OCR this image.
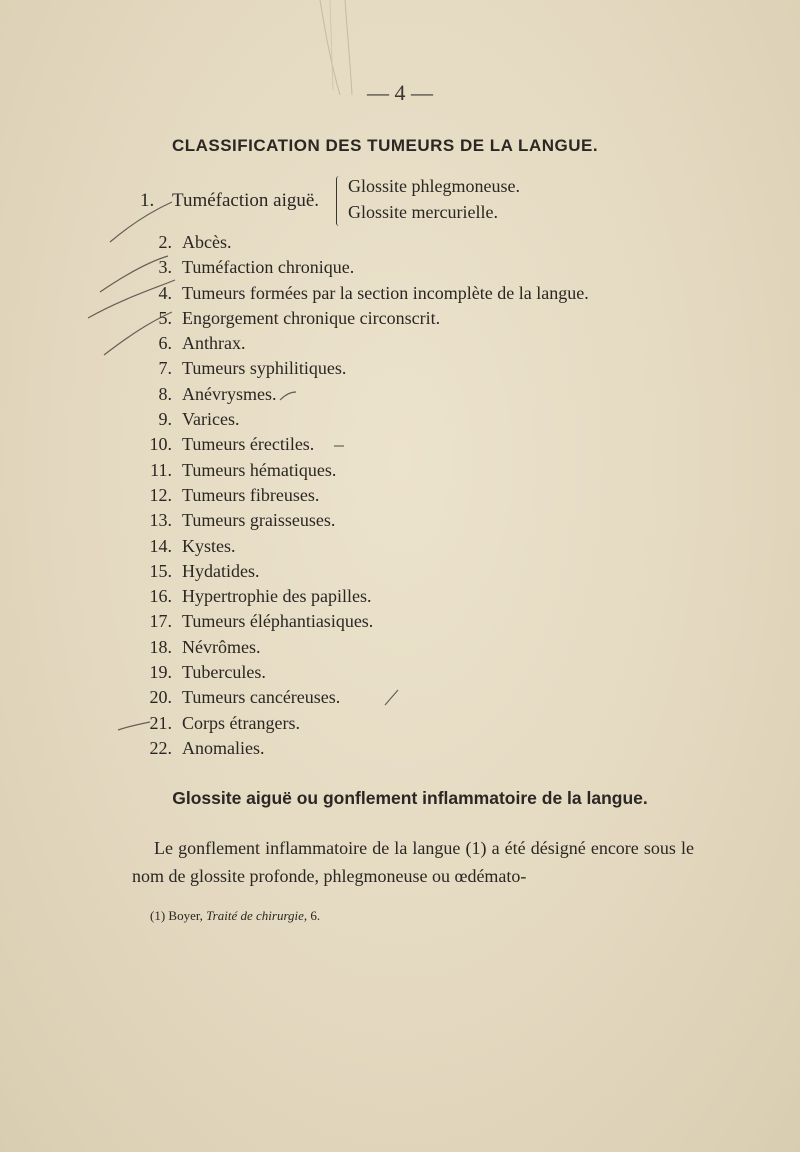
— 4 —
CLASSIFICATION DES TUMEURS DE LA LANGUE.
1. Tuméfaction aiguë.
Glossite phlegmoneuse.
Glossite mercurielle.
2. Abcès.
3. Tuméfaction chronique.
4. Tumeurs formées par la section incomplète de la langue.
5. Engorgement chronique circonscrit.
6. Anthrax.
7. Tumeurs syphilitiques.
8. Anévrysmes.
9. Varices.
10. Tumeurs érectiles.
11. Tumeurs hématiques.
12. Tumeurs fibreuses.
13. Tumeurs graisseuses.
14. Kystes.
15. Hydatides.
16. Hypertrophie des papilles.
17. Tumeurs éléphantiasiques.
18. Névrômes.
19. Tubercules.
20. Tumeurs cancéreuses.
21. Corps étrangers.
22. Anomalies.
Glossite aiguë ou gonflement inflammatoire de la langue.
Le gonflement inflammatoire de la langue (1) a été désigné encore sous le nom de glossite profonde, phlegmoneuse ou œdémato-
(1) Boyer, Traité de chirurgie, 6.
